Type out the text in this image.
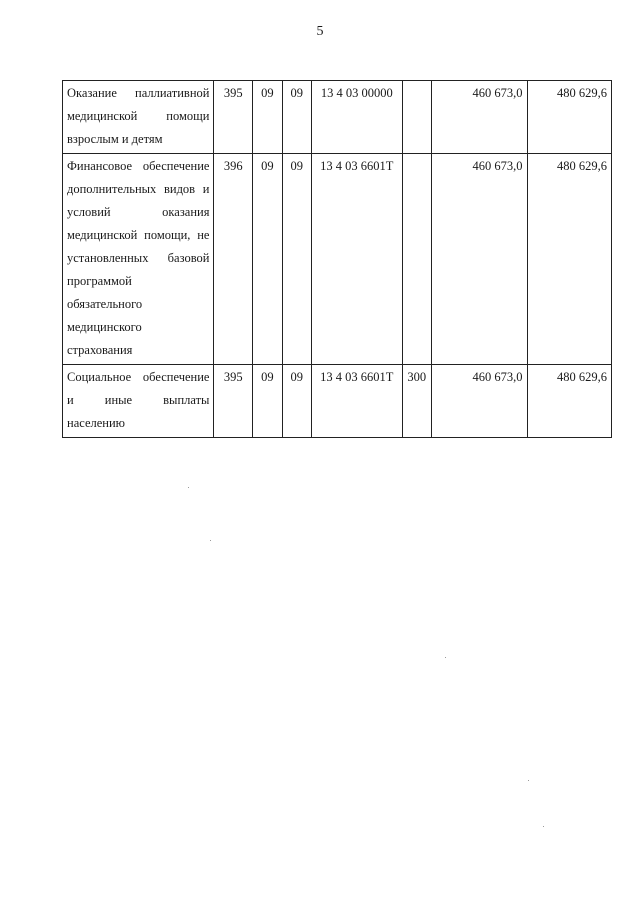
5
Оказание паллиативной медицинской помощи взрослым и детям	395	09	09	13 4 03 00000		460 673,0	480 629,6
Финансовое обеспечение дополнительных видов и условий оказания медицинской помощи, не установленных базовой программой обязательного медицинского страхования	396	09	09	13 4 03 6601Т		460 673,0	480 629,6
Социальное обеспечение и иные выплаты населению	395	09	09	13 4 03 6601Т	300	460 673,0	480 629,6
